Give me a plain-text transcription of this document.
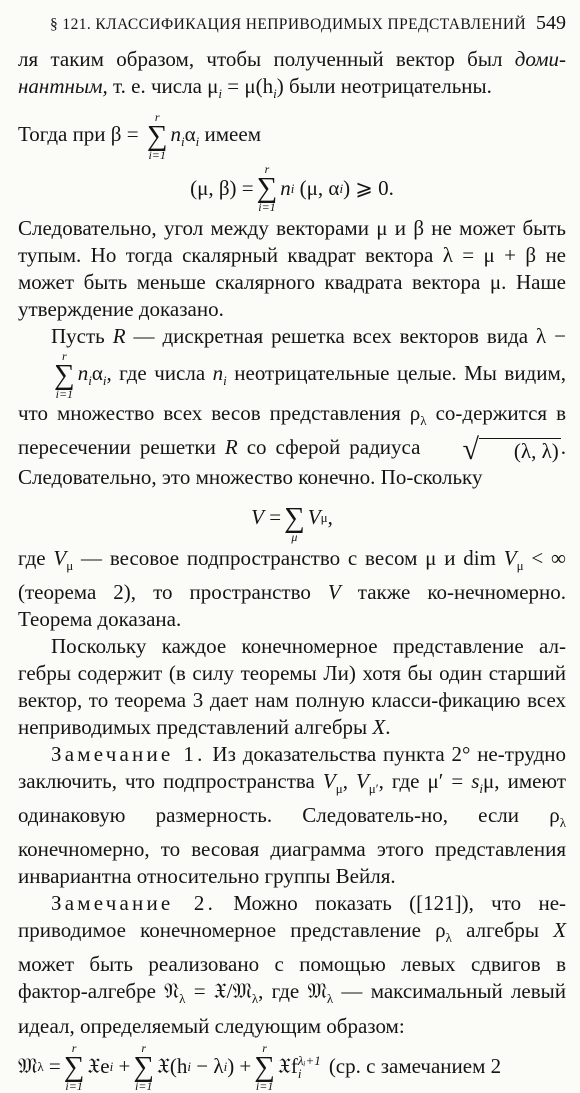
§ 121. КЛАССИФИКАЦИЯ НЕПРИВОДИМЫХ ПРЕДСТАВЛЕНИЙ 549

ля таким образом, чтобы полученный вектор был доми- нантным, т. е. числа $\mu_i = \mu(h_i)$ были неотрицательны.

Тогда при β =
r
∑
i=1
$n_i\alpha_i$ имеем

(μ, β) =
r
∑
i=1
n i
(μ, α i ) ⩾ 0.

Следовательно, угол между векторами μ и β не может быть тупым. Но тогда скалярный квадрат вектора λ = μ + β не может быть меньше скалярного квадрата вектора μ. Наше утверждение доказано.

Пусть R — дискретная решетка всех векторов вида λ −
r
∑
i=1
$n_i\alpha_i$, где числа $n_i$ неотрицательные целые. Мы видим, что множество всех весов представления $\rho_\lambda$ со-держится в пересечении решетки R со сферой радиуса	√	(λ, λ) . Следовательно, это множество конечно. По-скольку

V
=
∑
μ
V μ ,

где $V_\mu$ — весовое подпространство с весом μ и dim $V_\mu$ < ∞ (теорема 2), то пространство V также ко-нечномерно. Теорема доказана.

Поскольку каждое конечномерное представление ал-гебры содержит (в силу теоремы Ли) хотя бы один старший вектор, то теорема 3 дает нам полную класси-фикацию всех неприводимых представлений алгебры X.

Замечание 1. Из доказательства пункта 2° не-трудно заключить, что подпространства $V_\mu$, $V_{\mu'}$, где $\mu' = s_i\mu$, имеют одинаковую размерность. Следователь-но, если $\rho_\lambda$ конечномерно, то весовая диаграмма этого представления инвариантна относительно группы Вейля.

Замечание 2. Можно показать ([121]), что не-приводимое конечномерное представление $\rho_\lambda$ алгебры X может быть реализовано с помощью левых сдвигов в фактор-алгебре 𝔑$_\lambda$ = 𝔛/𝔐$_\lambda$, где 𝔐$_\lambda$ — максимальный левый идеал, определяемый следующим образом:

𝔐 λ
=
r
∑
i=1
𝔛e i
+
r
∑
i=1
𝔛(h i
− λ i ) +
r
∑
i=1
𝔛f λᵢ+1
i	(ср. с замечанием 2
